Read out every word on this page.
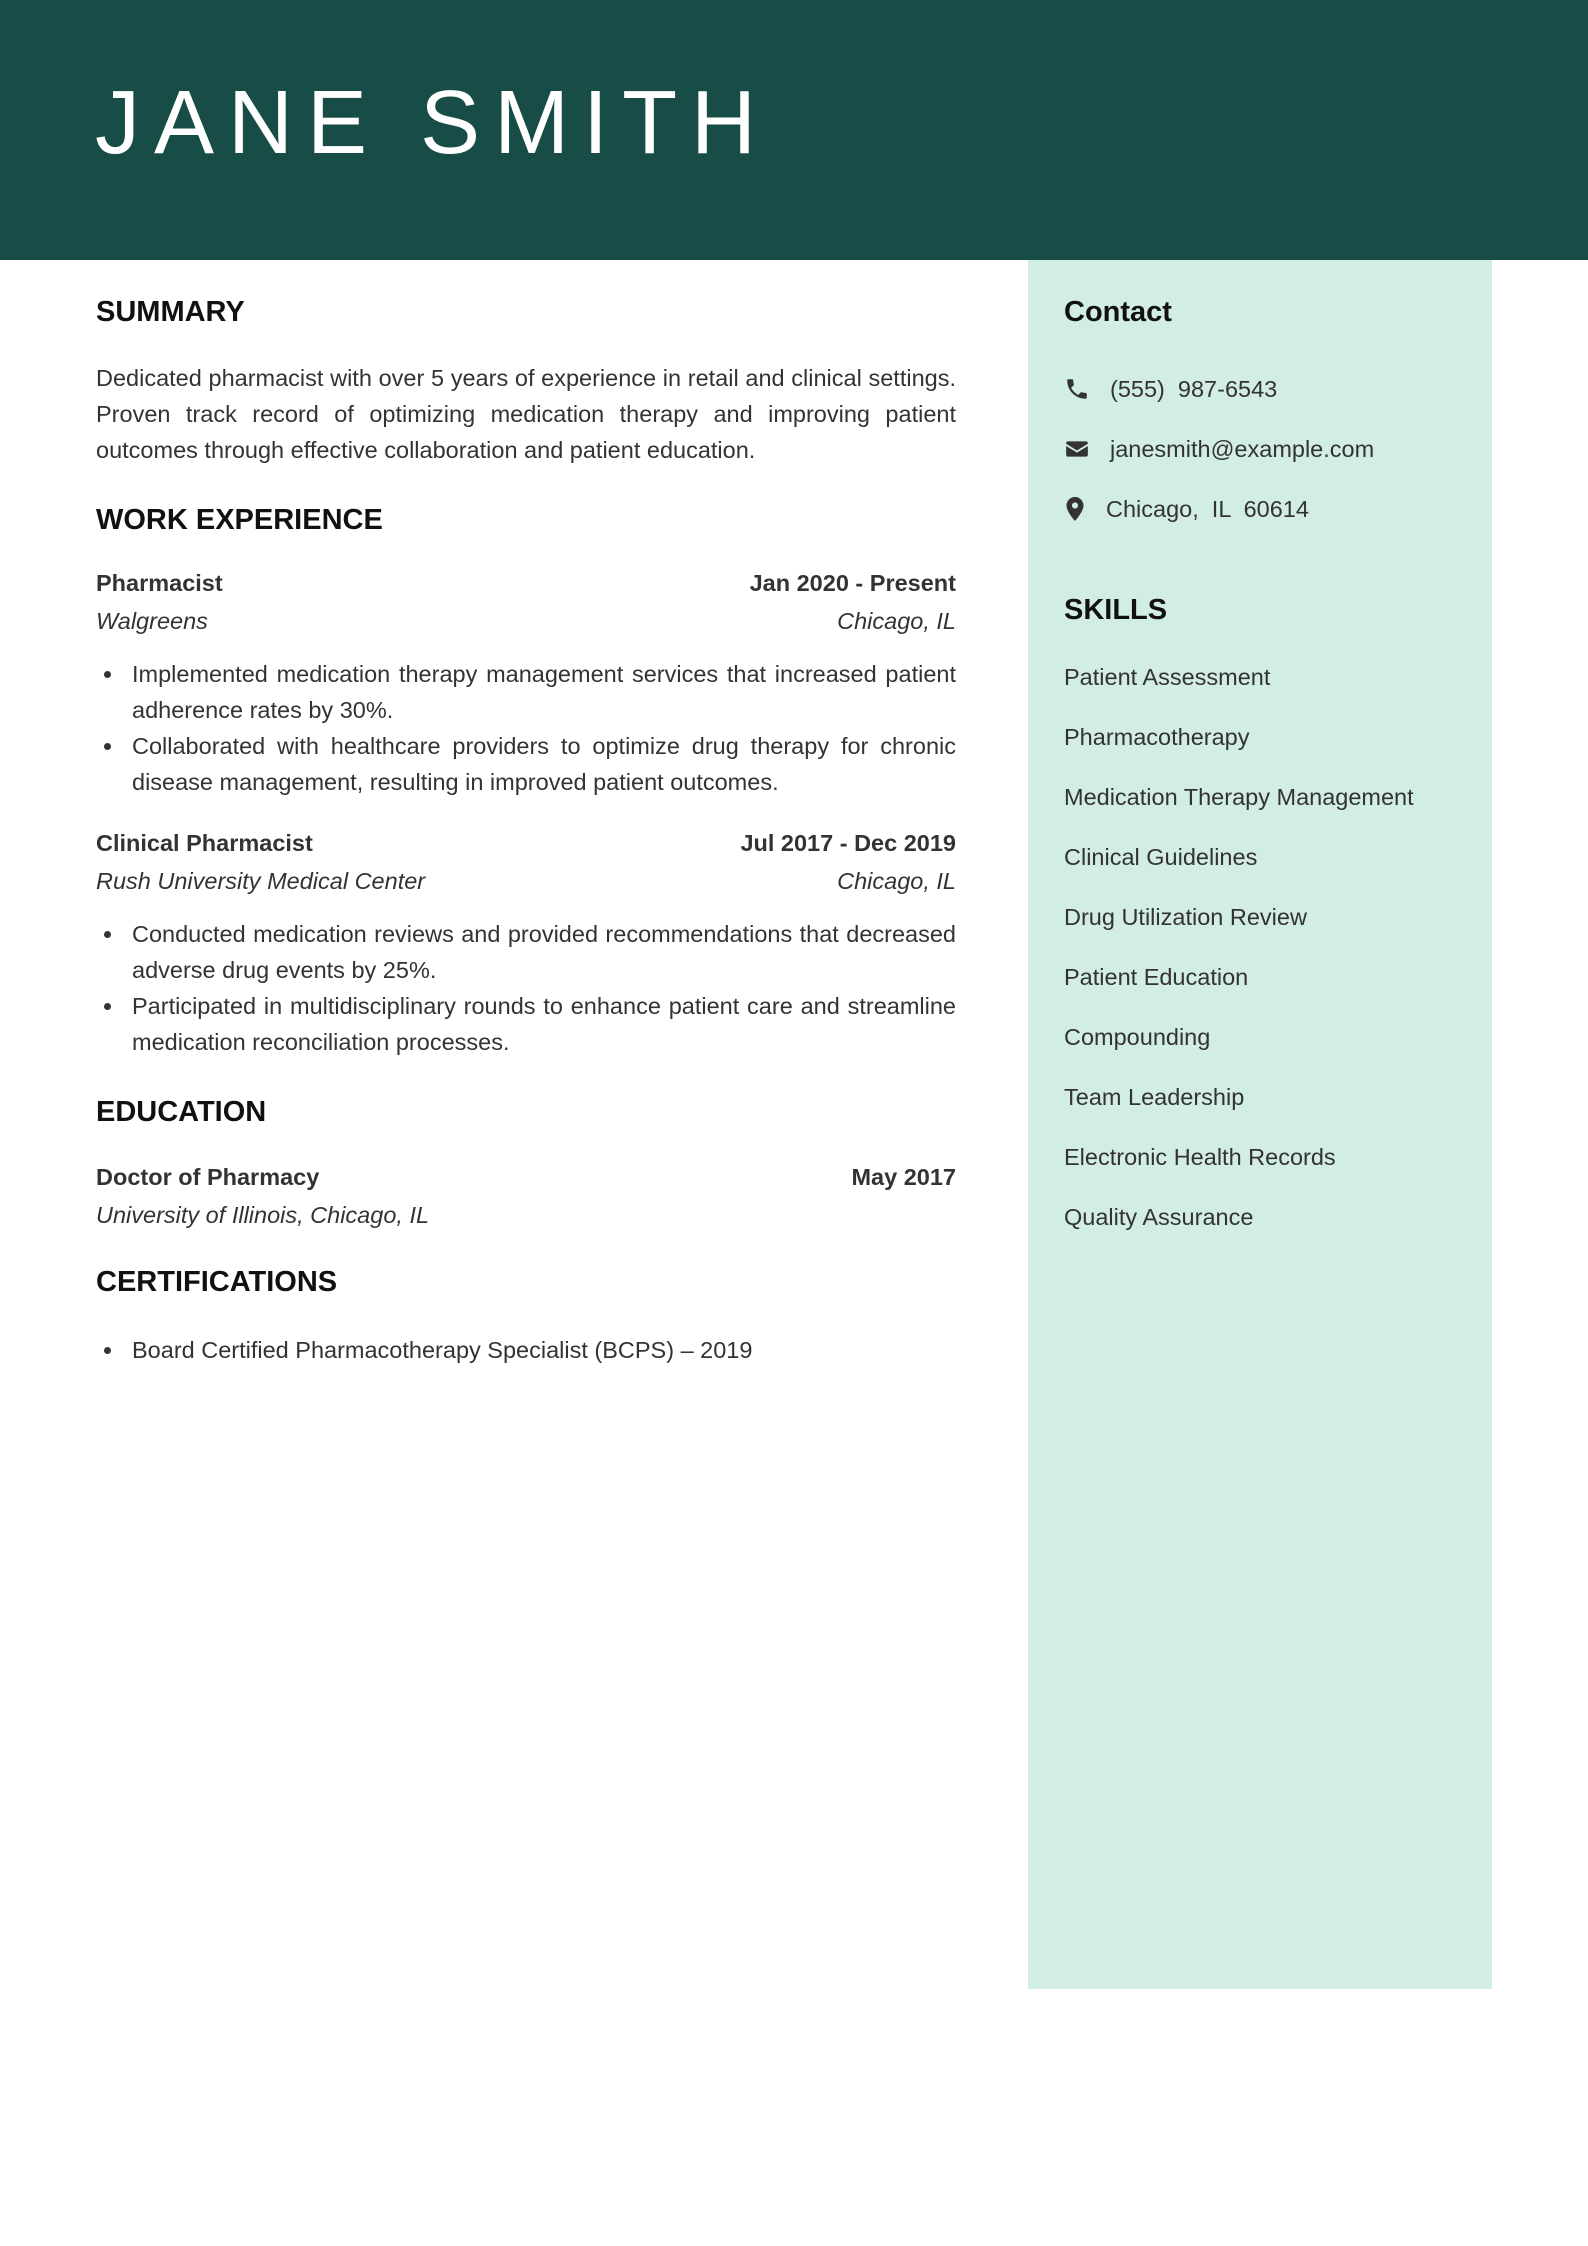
JANE SMITH
SUMMARY

Dedicated pharmacist with over 5 years of experience in retail and clinical settings. Proven track record of optimizing medication therapy and improving patient outcomes through effective collaboration and patient education.

WORK EXPERIENCE
Pharmacist	Jan 2020 - Present
Walgreens	Chicago, IL
Implemented medication therapy management services that increased patient adherence rates by 30%.
Collaborated with healthcare providers to optimize drug therapy for chronic disease management, resulting in improved patient outcomes.
Clinical Pharmacist	Jul 2017 - Dec 2019
Rush University Medical Center	Chicago, IL
Conducted medication reviews and provided recommendations that decreased adverse drug events by 25%.
Participated in multidisciplinary rounds to enhance patient care and streamline medication reconciliation processes.
EDUCATION
Doctor of Pharmacy	May 2017
University of Illinois, Chicago, IL
CERTIFICATIONS
Board Certified Pharmacotherapy Specialist (BCPS) – 2019
Contact
(555)  987-6543
janesmith@example.com
Chicago,  IL  60614
SKILLS
Patient Assessment
Pharmacotherapy
Medication Therapy Management
Clinical Guidelines
Drug Utilization Review
Patient Education
Compounding
Team Leadership
Electronic Health Records
Quality Assurance
